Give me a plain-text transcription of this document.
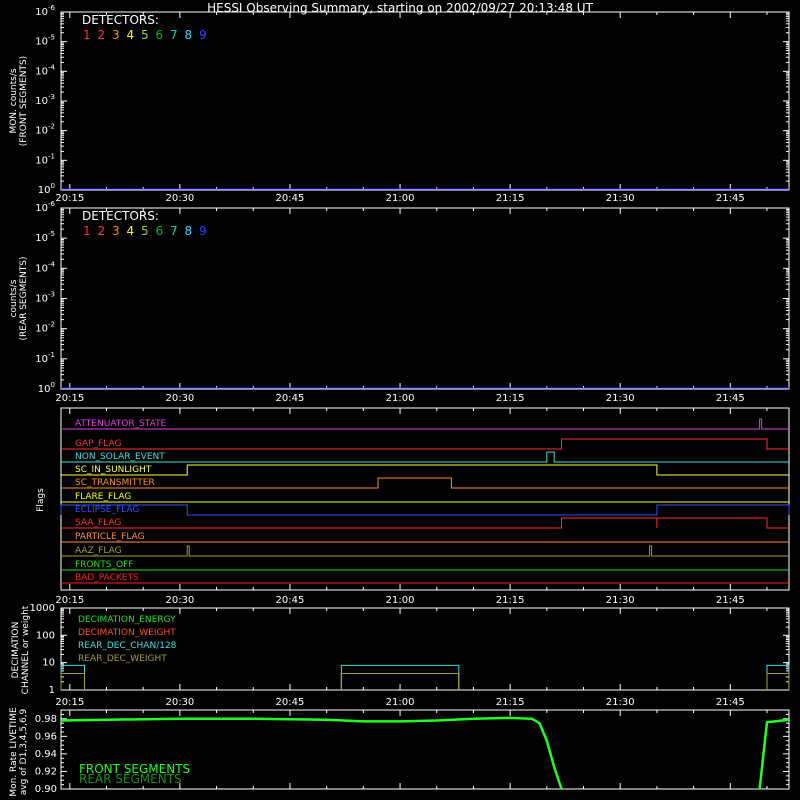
HESSI Observing Summary, starting on 2002/09/27 20:13:48 UT
$10^0$
$10^{-1}$
$10^{-2}$
$10^{-3}$
$10^{-4}$
$10^{-5}$
$10^{-6}$
DETECTORS:
1 2 3 4 5 6 7 8 9
MON. counts/s (FRONT SEGMENTS)
20:15	20:30	20:45	21:00	21:15	21:30	21:45
$10^0$
$10^{-1}$
$10^{-2}$
$10^{-3}$
$10^{-4}$
$10^{-5}$
$10^{-6}$
DETECTORS:
1 2 3 4 5 6 7 8 9
counts/s (REAR SEGMENTS)
20:15	20:30	20:45	21:00	21:15	21:30	21:45
Flags
ATTENUATOR_STATE
GAP_FLAG
NON_SOLAR_EVENT
SC_IN_SUNLIGHT
SC_TRANSMITTER
FLARE_FLAG
ECLIPSE_FLAG
SAA_FLAG
PARTICLE_FLAG
AAZ_FLAG
FRONTS_OFF
BAD_PACKETS
20:15	20:30	20:45	21:00	21:15	21:30	21:45
1
10
100
1000
DECIMATION_ENERGY
DECIMATION_WEIGHT
REAR_DEC_CHAN/128
REAR_DEC_WEIGHT
DECIMATION CHANNEL or weight
20:15	20:30	20:45	21:00	21:15	21:30	21:45
0.90
0.92
0.94
0.96
0.98
FRONT SEGMENTS
REAR SEGMENTS
Mon. Rate LIVETIME avg of D1,3,4,5,6,9
